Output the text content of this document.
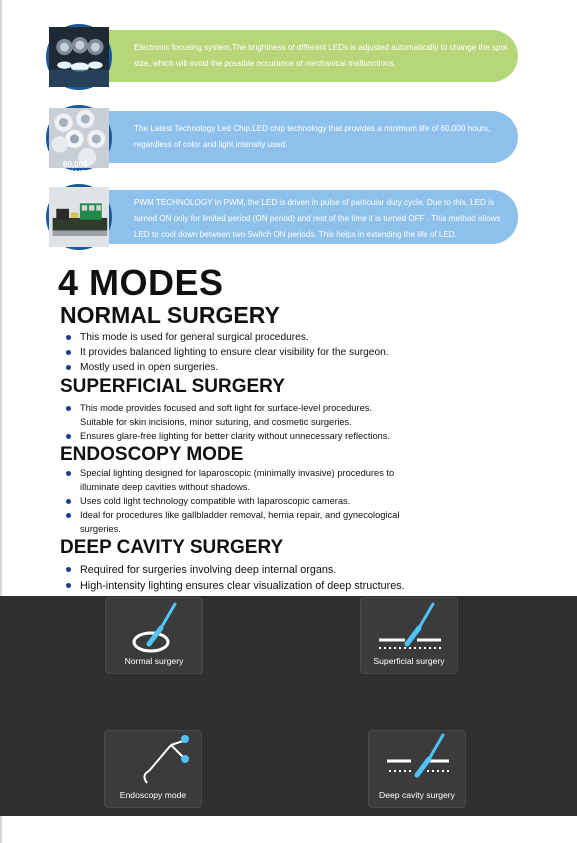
Electronic focusing system,The brightness of different LEDs is adjusted automatically to change the spot size, which will avoid the possible occurance of mechanical malfunctions.
The Latest Technology Led Chip,LED chip technology that provides a minimum life of 60,000 hours, regardless of color and light intensity used.
60,000 HOURS
PWM TECHNOLOGY In PWM, the LED is driven in pulse of particular duty cycle. Due to this, LED is turned ON only for limited period (ON period) and rest of the time it is turned OFF . This method allows LED to cool down between two Switch ON periods. This helps in extending the life of LED.
4 MODES
NORMAL SURGERY
This mode is used for general surgical procedures.
It provides balanced lighting to ensure clear visibility for the surgeon.
Mostly used in open surgeries.
SUPERFICIAL SURGERY
This mode provides focused and soft light for surface-level procedures.
Suitable for skin incisions, minor suturing, and cosmetic surgeries.
Ensures glare-free lighting for better clarity without unnecessary reflections.
ENDOSCOPY MODE
Special lighting designed for laparoscopic (minimally invasive) procedures to
illuminate deep cavities without shadows.
Uses cold light technology compatible with laparoscopic cameras.
Ideal for procedures like gallbladder removal, hernia repair, and gynecological
surgeries.
DEEP CAVITY SURGERY
Required for surgeries involving deep internal organs.
High-intensity lighting ensures clear visualization of deep structures.
Normal surgery	Superficial surgery
Endoscopy mode	Deep cavity surgery
